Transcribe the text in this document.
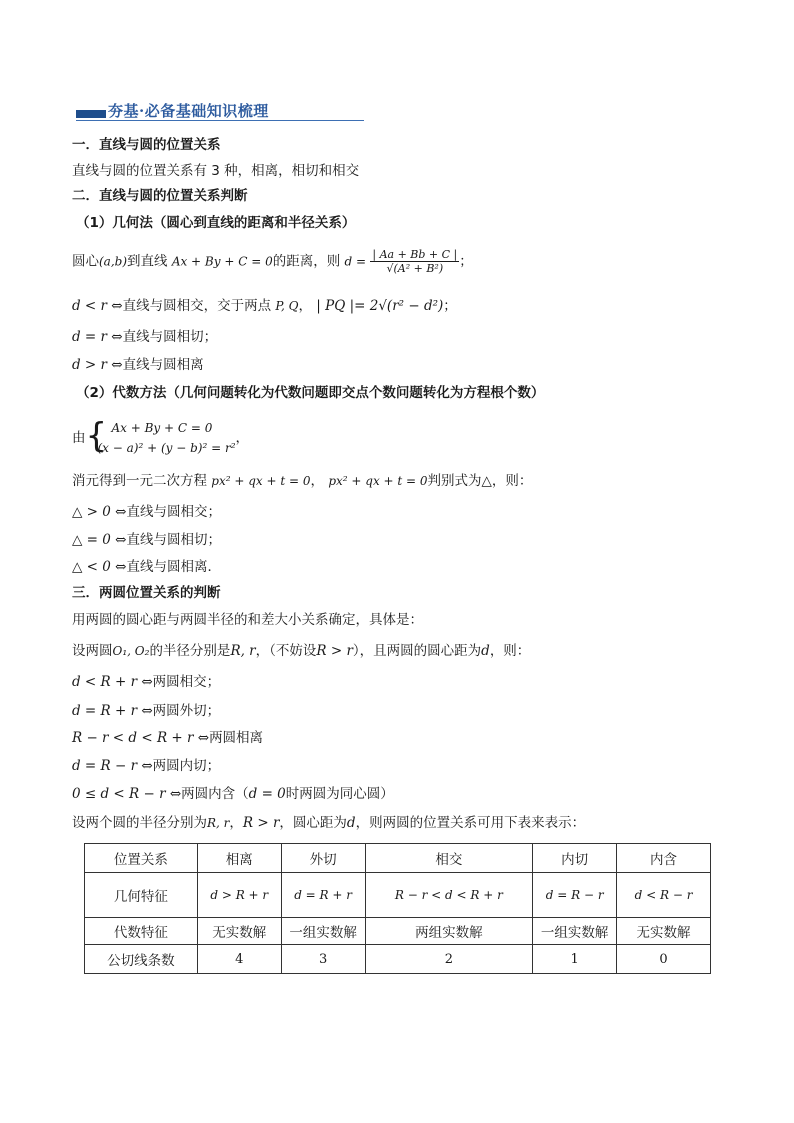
夯基·必备基础知识梳理
一．直线与圆的位置关系
直线与圆的位置关系有 3 种，相离，相切和相交
二．直线与圆的位置关系判断
（1）几何法（圆心到直线的距离和半径关系）
圆心(a,b)到直线 Ax + By + C = 0的距离，则 $d = \frac{| Aa + Bb + C |}{\text{√(A² + B²)}}$ ；
d < r ⇔直线与圆相交，交于两点 P, Q， | PQ |= 2√(r² − d²)；
d = r ⇔直线与圆相切；
d > r ⇔直线与圆相离
（2）代数方法（几何问题转化为代数问题即交点个数问题转化为方程根个数）
由 { Ax + By + C = 0
(x − a)² + (y − b)² = r²
，
消元得到一元二次方程 px² + qx + t = 0， px² + qx + t = 0判别式为△，则：
△ > 0 ⇔直线与圆相交；
△ = 0 ⇔直线与圆相切；
△ < 0 ⇔直线与圆相离．
三．两圆位置关系的判断
用两圆的圆心距与两圆半径的和差大小关系确定，具体是：
设两圆O₁, O₂的半径分别是R, r，（不妨设R > r），且两圆的圆心距为d，则：
d < R + r ⇔两圆相交；
d = R + r ⇔两圆外切；
R − r < d < R + r ⇔两圆相离
d = R − r ⇔两圆内切；
0 ≤ d < R − r ⇔两圆内含（d = 0时两圆为同心圆）
设两个圆的半径分别为R, r，R > r，圆心距为d，则两圆的位置关系可用下表来表示：
位置关系	相离	外切	相交	内切	内含
几何特征	d > R + r	d = R + r	R − r < d < R + r	d = R − r	d < R − r
代数特征	无实数解	一组实数解	两组实数解	一组实数解	无实数解
公切线条数	4	3	2	1	0
